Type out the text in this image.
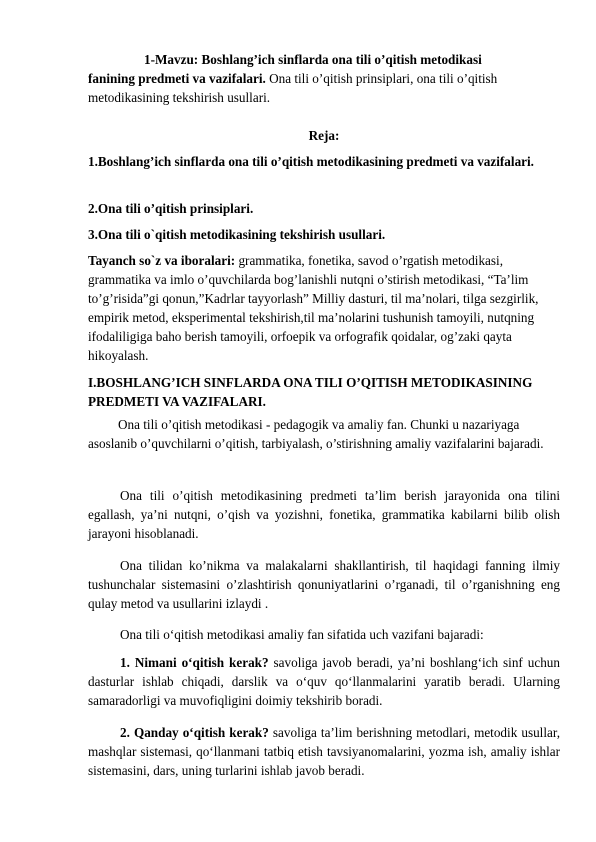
1-Mavzu: Boshlang’ich sinflarda ona tili o’qitish metodikasi
fanining predmeti va vazifalari. Ona tili o’qitish prinsiplari, ona tili o’qitish metodikasining tekshirish usullari.

Reja:

1.Boshlang’ich sinflarda ona tili o’qitish metodikasining predmeti va vazifalari.

2.Ona tili o’qitish prinsiplari.

3.Ona tili o`qitish metodikasining tekshirish usullari.

Tayanch so`z va iboralari: grammatika, fonetika, savod o’rgatish metodikasi, grammatika va imlo o’quvchilarda bog’lanishli nutqni o’stirish metodikasi, “Ta’lim to’g’risida”gi qonun,”Kadrlar tayyorlash” Milliy dasturi, til ma’nolari, tilga sezgirlik, empirik metod, eksperimental tekshirish,til ma’nolarini tushunish tamoyili, nutqning ifodaliligiga baho berish tamoyili, orfoepik va orfografik qoidalar, og’zaki qayta hikoyalash.

I.BOSHLANG’ICH SINFLARDA ONA TILI O’QITISH METODIKASINING PREDMETI VA VAZIFALARI.

Ona tili o’qitish metodikasi - pedagogik va amaliy fan. Chunki u nazariyaga asoslanib o’quvchilarni o’qitish, tarbiyalash, o’stirishning amaliy vazifalarini bajaradi.

Ona tili o’qitish metodikasining predmeti ta’lim berish jarayonida ona tilini egallash, ya’ni nutqni, o’qish va yozishni, fonetika, grammatika kabilarni bilib olish jarayoni hisoblanadi.

Ona tilidan ko’nikma va malakalarni shakllantirish, til haqidagi fanning ilmiy tushunchalar sistemasini o’zlashtirish qonuniyatlarini o’rganadi, til o’rganishning eng qulay metod va usullarini izlaydi .

Ona tili o‘qitish metodikasi amaliy fan sifatida uch vazifani bajaradi:

1. Nimani o‘qitish kerak? savoliga javob beradi, ya’ni boshlang‘ich sinf uchun dasturlar ishlab chiqadi, darslik va o‘quv qo‘llanmalarini yaratib beradi. Ularning samaradorligi va muvofiqligini doimiy tekshirib boradi.

2. Qanday o‘qitish kerak? savoliga ta’lim berishning metodlari, metodik usullar, mashqlar sistemasi, qo‘llanmani tatbiq etish tavsiyanomalarini, yozma ish, amaliy ishlar sistemasini, dars, uning turlarini ishlab javob beradi.
